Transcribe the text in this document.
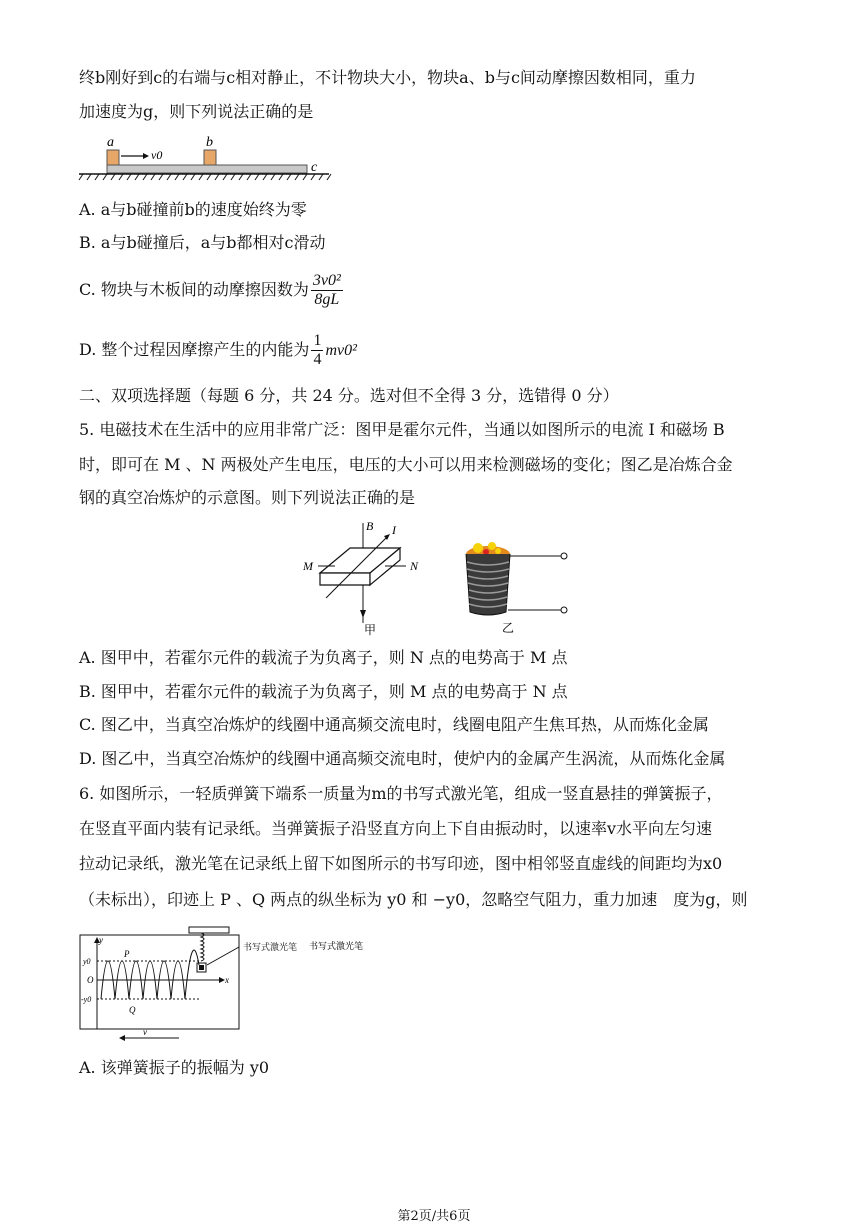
终b刚好到c的右端与c相对静止，不计物块大小，物块a、b与c间动摩擦因数相同，重力
加速度为g，则下列说法正确的是
a	b
c
v0
A. a与b碰撞前b的速度始终为零
B. a与b碰撞后，a与b都相对c滑动
C. 物块与木板间的动摩擦因数为 $\frac{\text{3v0²}}{8gL}$
D. 整个过程因摩擦产生的内能为 $\frac{1}{4} mv0^2$
二、双项选择题（每题 6 分，共 24 分。选对但不全得 3 分，选错得 0 分）
5. 电磁技术在生活中的应用非常广泛：图甲是霍尔元件，当通以如图所示的电流 I 和磁场 B
时，即可在 M 、N 两极处产生电压，电压的大小可以用来检测磁场的变化；图乙是冶炼合金
钢的真空冶炼炉的示意图。则下列说法正确的是
B I
M	N
甲	乙
A. 图甲中，若霍尔元件的载流子为负离子，则 N 点的电势高于 M 点
B. 图甲中，若霍尔元件的载流子为负离子，则 M 点的电势高于 N 点
C. 图乙中，当真空冶炼炉的线圈中通高频交流电时，线圈电阻产生焦耳热，从而炼化金属
D. 图乙中，当真空冶炼炉的线圈中通高频交流电时，使炉内的金属产生涡流，从而炼化金属
6. 如图所示，一轻质弹簧下端系一质量为m的书写式激光笔，组成一竖直悬挂的弹簧振子，
在竖直平面内装有记录纸。当弹簧振子沿竖直方向上下自由振动时，以速率v水平向左匀速
拉动记录纸，激光笔在记录纸上留下如图所示的书写印迹，图中相邻竖直虚线的间距均为x0
（未标出），印迹上 P 、Q 两点的纵坐标为 y0 和 −y0，忽略空气阻力，重力加速　度为g，则
y
y0
-y0
O	x
P
Q
书写式激光笔
v
书写式激光笔
A. 该弹簧振子的振幅为 y0
第2页/共6页
